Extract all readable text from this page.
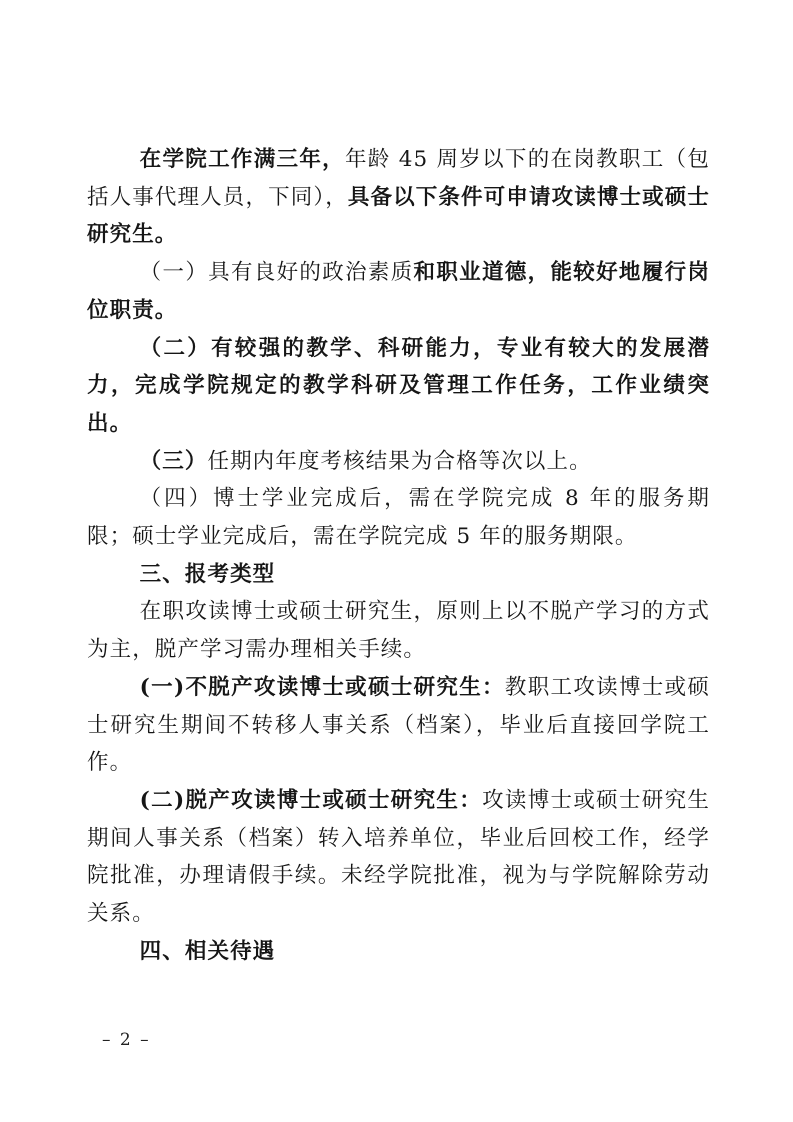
在学院工作满三年，年龄 45 周岁以下的在岗教职工（包括人事代理人员，下同），具备以下条件可申请攻读博士或硕士研究生。

（一）具有良好的政治素质和职业道德，能较好地履行岗位职责。

（二）有较强的教学、科研能力，专业有较大的发展潜力，完成学院规定的教学科研及管理工作任务，工作业绩突出。

（三）任期内年度考核结果为合格等次以上。

（四）博士学业完成后，需在学院完成 8 年的服务期限；硕士学业完成后，需在学院完成 5 年的服务期限。

三、报考类型

在职攻读博士或硕士研究生，原则上以不脱产学习的方式为主，脱产学习需办理相关手续。

(一)不脱产攻读博士或硕士研究生：教职工攻读博士或硕士研究生期间不转移人事关系（档案），毕业后直接回学院工作。

(二)脱产攻读博士或硕士研究生：攻读博士或硕士研究生期间人事关系（档案）转入培养单位，毕业后回校工作，经学院批准，办理请假手续。未经学院批准，视为与学院解除劳动关系。

四、相关待遇

– 2 –
